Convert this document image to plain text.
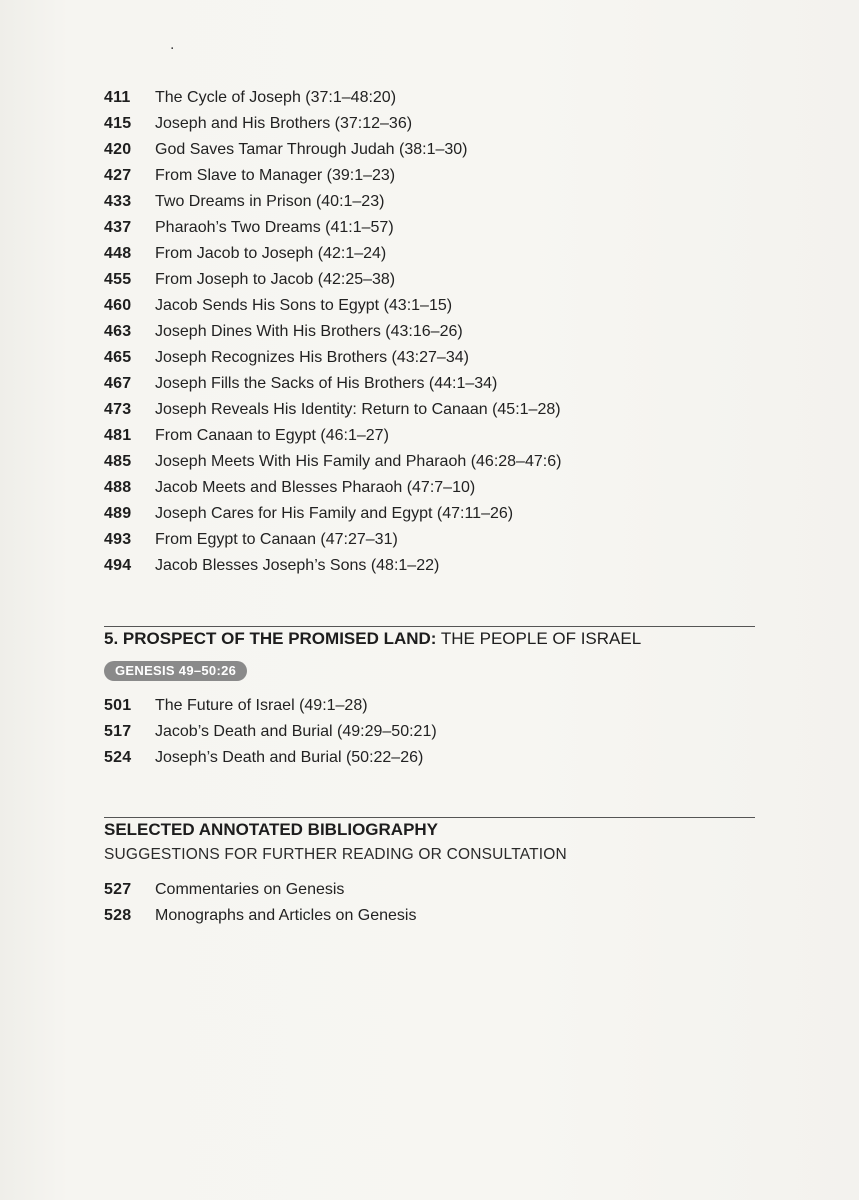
.
411	The Cycle of Joseph (37:1–48:20)
415	Joseph and His Brothers (37:12–36)
420	God Saves Tamar Through Judah (38:1–30)
427	From Slave to Manager (39:1–23)
433	Two Dreams in Prison (40:1–23)
437	Pharaoh’s Two Dreams (41:1–57)
448	From Jacob to Joseph (42:1–24)
455	From Joseph to Jacob (42:25–38)
460	Jacob Sends His Sons to Egypt (43:1–15)
463	Joseph Dines With His Brothers (43:16–26)
465	Joseph Recognizes His Brothers (43:27–34)
467	Joseph Fills the Sacks of His Brothers (44:1–34)
473	Joseph Reveals His Identity: Return to Canaan (45:1–28)
481	From Canaan to Egypt (46:1–27)
485	Joseph Meets With His Family and Pharaoh (46:28–47:6)
488	Jacob Meets and Blesses Pharaoh (47:7–10)
489	Joseph Cares for His Family and Egypt (47:11–26)
493	From Egypt to Canaan (47:27–31)
494	Jacob Blesses Joseph’s Sons (48:1–22)
5. PROSPECT OF THE PROMISED LAND: THE PEOPLE OF ISRAEL
GENESIS 49–50:26
501	The Future of Israel (49:1–28)
517	Jacob’s Death and Burial (49:29–50:21)
524	Joseph’s Death and Burial (50:22–26)
SELECTED ANNOTATED BIBLIOGRAPHY
SUGGESTIONS FOR FURTHER READING OR CONSULTATION
527	Commentaries on Genesis
528	Monographs and Articles on Genesis
